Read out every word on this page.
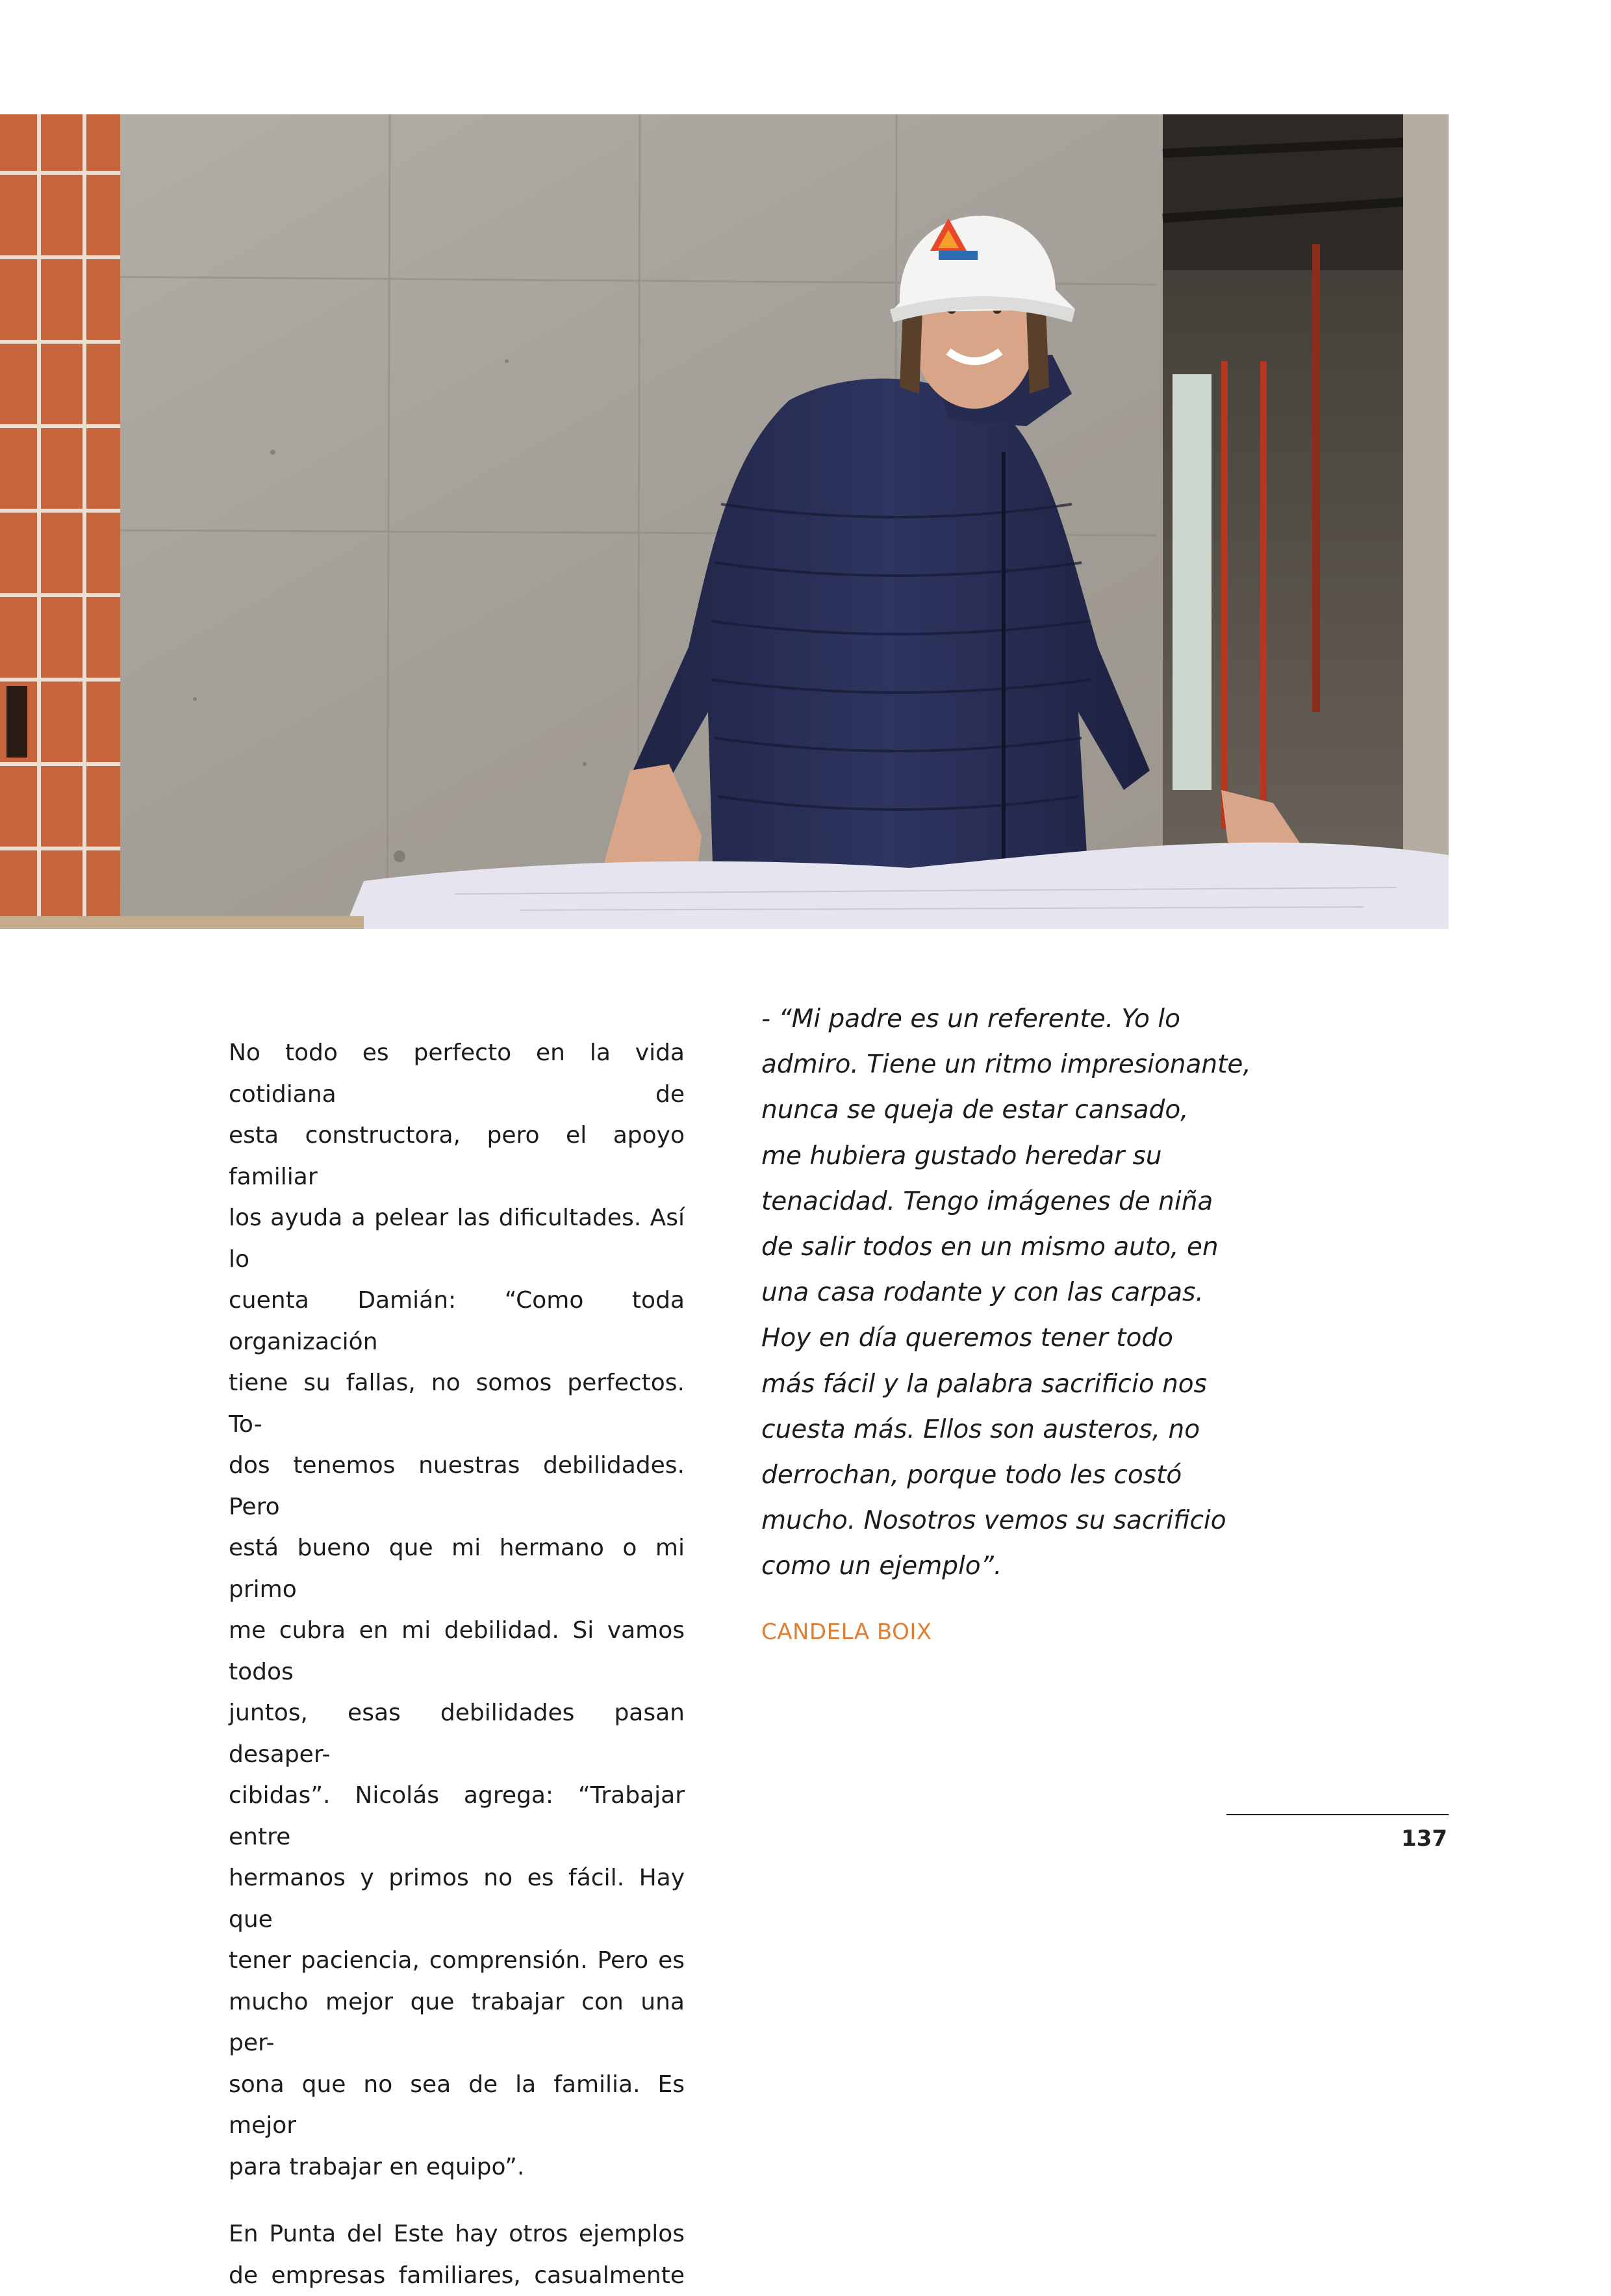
No todo es perfecto en la vida cotidiana de
esta constructora, pero el apoyo familiar
los ayuda a pelear las dificultades. Así lo
cuenta Damián: “Como toda organización
tiene su fallas, no somos perfectos. To-
dos tenemos nuestras debilidades. Pero
está bueno que mi hermano o mi primo
me cubra en mi debilidad. Si vamos todos
juntos, esas debilidades pasan desaper-
cibidas”. Nicolás agrega: “Trabajar entre
hermanos y primos no es fácil. Hay que
tener paciencia, comprensión. Pero es
mucho mejor que trabajar con una per-
sona que no sea de la familia. Es mejor
para trabajar en equipo”.

En Punta del Este hay otros ejemplos
de empresas familiares, casualmente

- “Mi padre es un referente. Yo lo
admiro. Tiene un ritmo impresionante,
nunca se queja de estar cansado,
me hubiera gustado heredar su
tenacidad. Tengo imágenes de niña
de salir todos en un mismo auto, en
una casa rodante y con las carpas.
Hoy en día queremos tener todo
más fácil y la palabra sacrificio nos
cuesta más. Ellos son austeros, no
derrochan, porque todo les costó
mucho. Nosotros vemos su sacrificio
como un ejemplo”.
CANDELA BOIX
137
